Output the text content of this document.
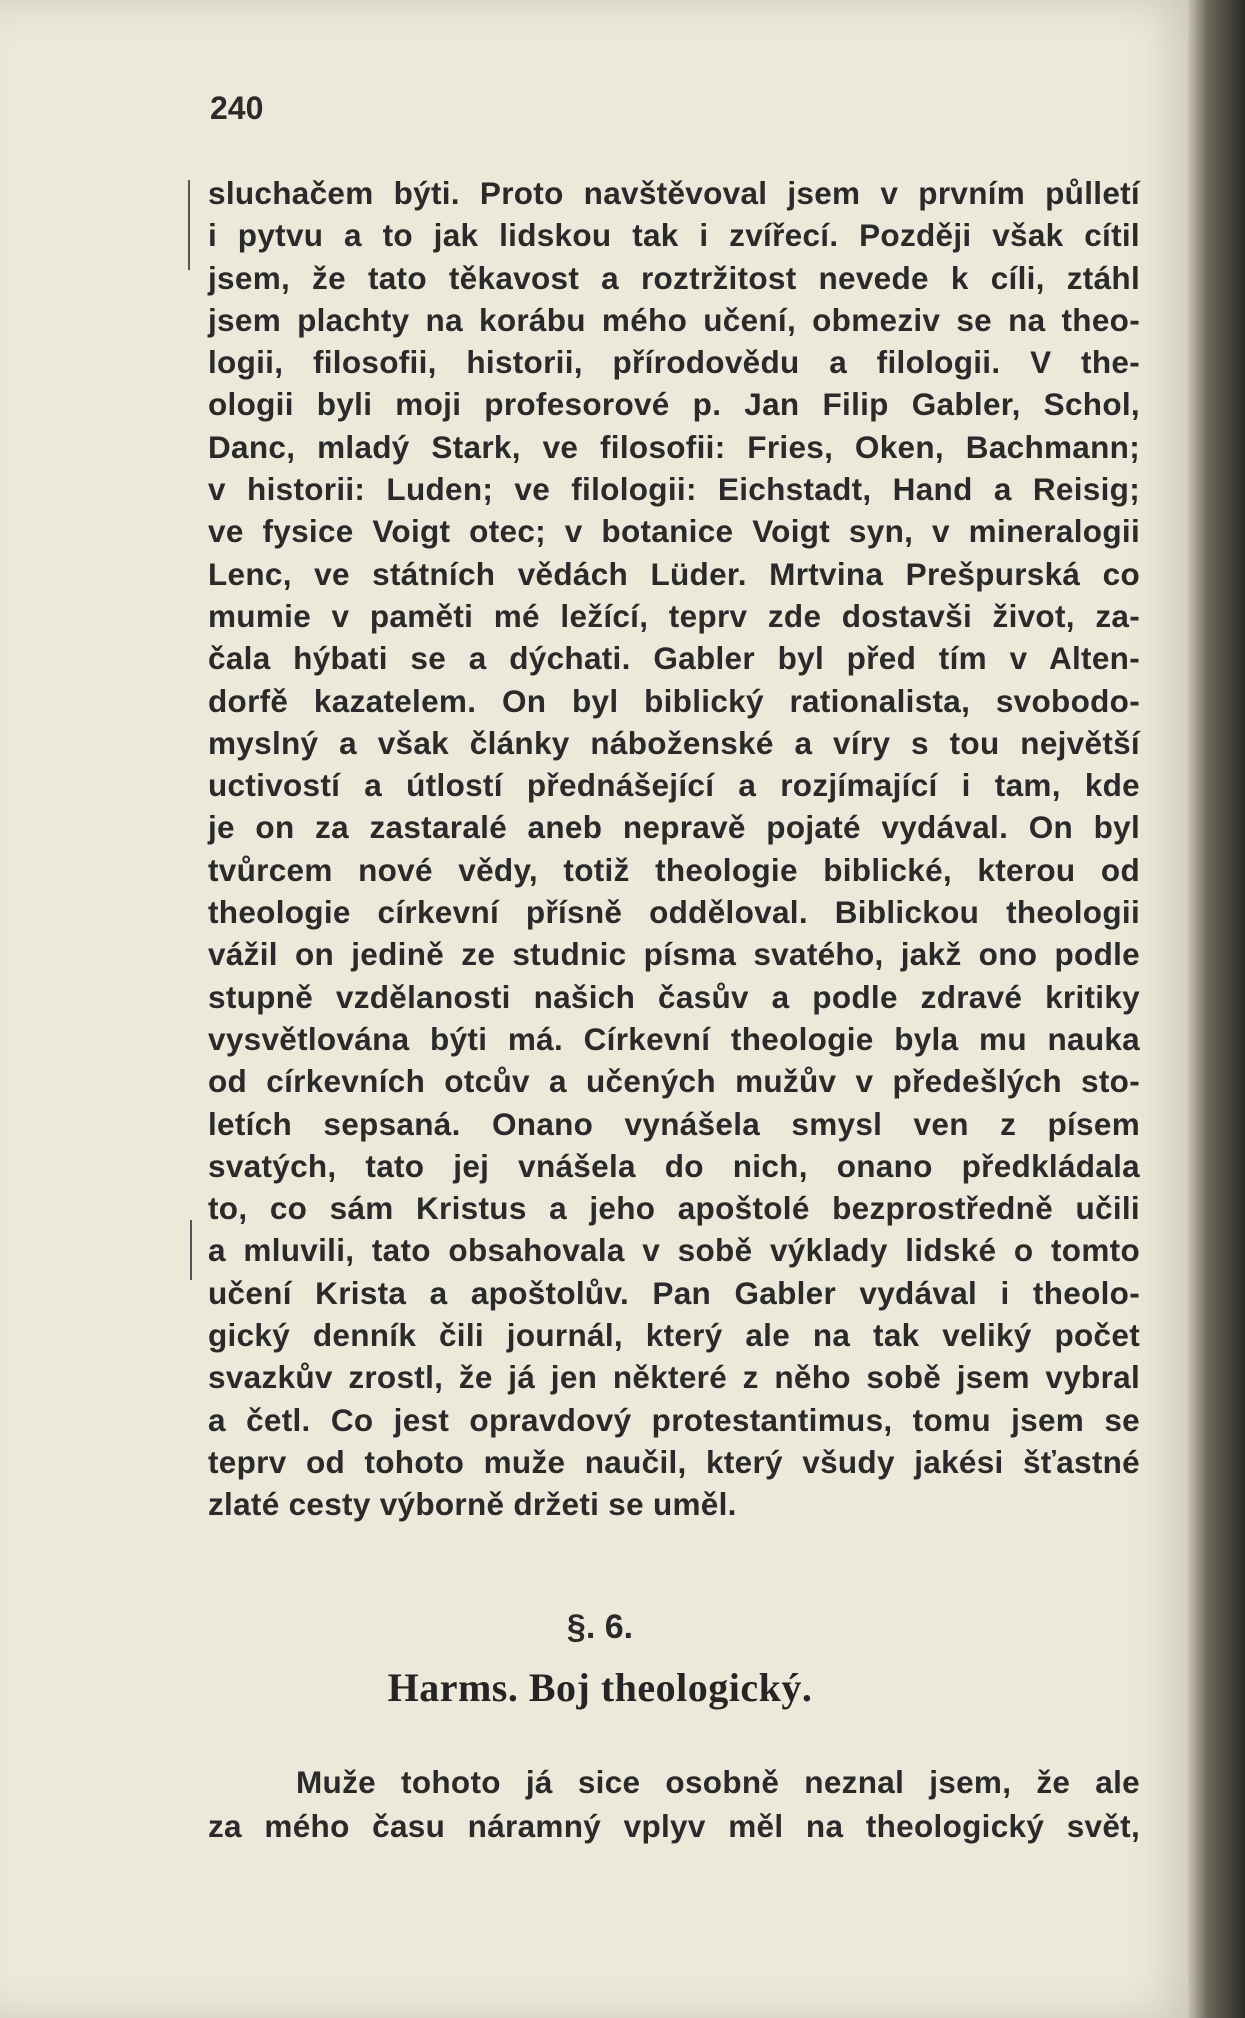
240
sluchačem býti. Proto navštěvoval jsem v prvním půlletí
i pytvu a to jak lidskou tak i zvířecí. Později však cítil
jsem, že tato těkavost a roztržitost nevede k cíli, ztáhl
jsem plachty na korábu mého učení, obmeziv se na theo-
logii, filosofii, historii, přírodovědu a filologii. V the-
ologii byli moji profesorové p. Jan Filip Gabler, Schol,
Danc, mladý Stark, ve filosofii: Fries, Oken, Bachmann;
v historii: Luden; ve filologii: Eichstadt, Hand a Reisig;
ve fysice Voigt otec; v botanice Voigt syn, v mineralogii
Lenc, ve státních vědách Lüder. Mrtvina Prešpurská co
mumie v paměti mé ležící, teprv zde dostavši život, za-
čala hýbati se a dýchati. Gabler byl před tím v Alten-
dorfě kazatelem. On byl biblický rationalista, svobodo-
myslný a však články náboženské a víry s tou největší
uctivostí a útlostí přednášející a rozjímající i tam, kde
je on za zastaralé aneb nepravě pojaté vydával. On byl
tvůrcem nové vědy, totiž theologie biblické, kterou od
theologie církevní přísně odděloval. Biblickou theologii
vážil on jedině ze studnic písma svatého, jakž ono podle
stupně vzdělanosti našich časův a podle zdravé kritiky
vysvětlována býti má. Církevní theologie byla mu nauka
od církevních otcův a učených mužův v předešlých sto-
letích sepsaná. Onano vynášela smysl ven z písem
svatých, tato jej vnášela do nich, onano předkládala
to, co sám Kristus a jeho apoštolé bezprostředně učili
a mluvili, tato obsahovala v sobě výklady lidské o tomto
učení Krista a apoštolův. Pan Gabler vydával i theolo-
gický denník čili journál, který ale na tak veliký počet
svazkův zrostl, že já jen některé z něho sobě jsem vybral
a četl. Co jest opravdový protestantimus, tomu jsem se
teprv od tohoto muže naučil, který všudy jakési šťastné
zlaté cesty výborně držeti se uměl.
§. 6.
Harms. Boj theologický.
Muže tohoto já sice osobně neznal jsem, že ale
za mého času náramný vplyv měl na theologický svět,
